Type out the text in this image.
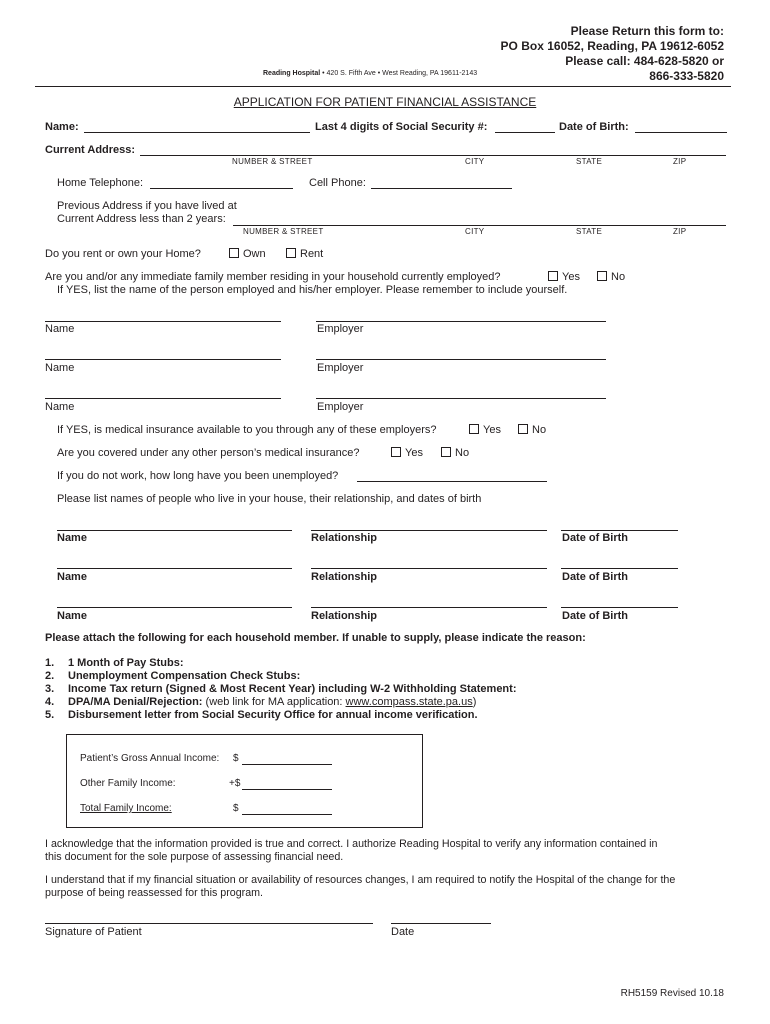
Please Return this form to:
PO Box 16052, Reading, PA 19612-6052
Please call: 484-628-5820 or
866-333-5820
Reading Hospital • 420 S. Fifth Ave • West Reading, PA 19611-2143
APPLICATION FOR PATIENT FINANCIAL ASSISTANCE
Name:	Last 4 digits of Social Security #:	Date of Birth:
Current Address:
NUMBER & STREET	CITY	STATE	ZIP
Home Telephone:	Cell Phone:
Previous Address if you have lived at
Current Address less than 2 years:
NUMBER & STREET	CITY	STATE	ZIP
Do you rent or own your Home?	Own	Rent
Are you and/or any immediate family member residing in your household currently employed?	Yes	No
If YES, list the name of the person employed and his/her employer. Please remember to include yourself.
Name	Employer
Name	Employer
Name	Employer
If YES, is medical insurance available to you through any of these employers?	Yes	No
Are you covered under any other person’s medical insurance?	Yes	No
If you do not work, how long have you been unemployed?
Please list names of people who live in your house, their relationship, and dates of birth
Name	Relationship	Date of Birth
Name	Relationship	Date of Birth
Name	Relationship	Date of Birth
Please attach the following for each household member. If unable to supply, please indicate the reason:
1. 1 Month of Pay Stubs:
2. Unemployment Compensation Check Stubs:
3. Income Tax return (Signed & Most Recent Year) including W-2 Withholding Statement:
4. DPA/MA Denial/Rejection: (web link for MA application: www.compass.state.pa.us)
5. Disbursement letter from Social Security Office for annual income verification.
Patient’s Gross Annual Income: $
Other Family Income:	+$
Total Family Income:	$
I acknowledge that the information provided is true and correct. I authorize Reading Hospital to verify any information contained in
this document for the sole purpose of assessing financial need.
I understand that if my financial situation or availability of resources changes, I am required to notify the Hospital of the change for the
purpose of being reassessed for this program.
Signature of Patient	Date
RH5159 Revised 10.18
